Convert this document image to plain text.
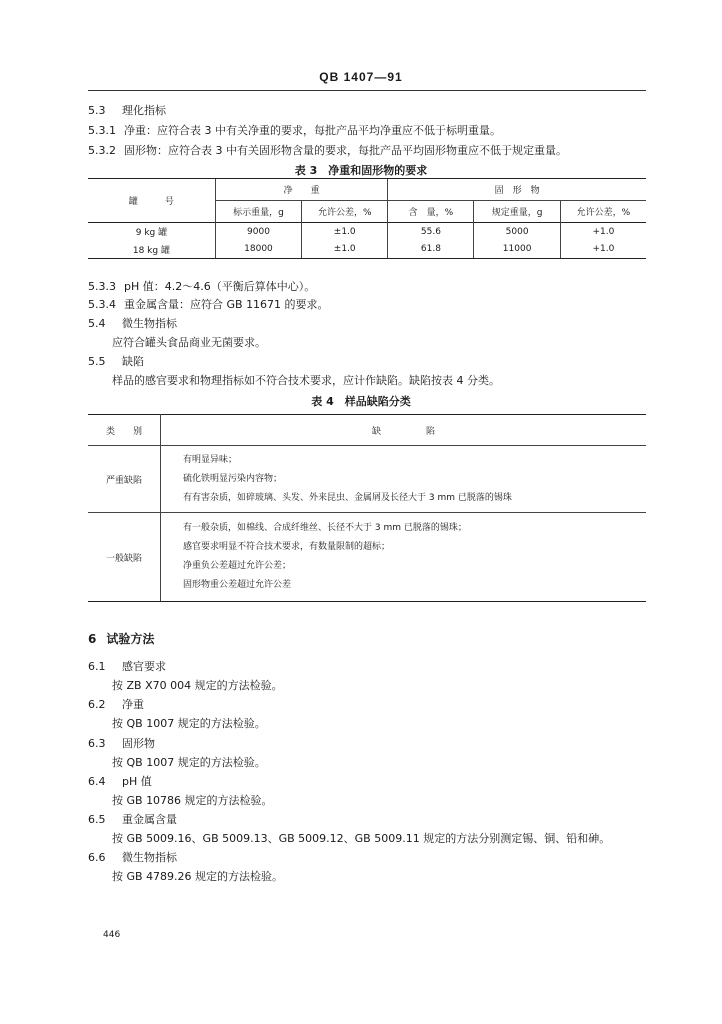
QB 1407—91
5.3 理化指标
5.3.1 净重：应符合表 3 中有关净重的要求，每批产品平均净重应不低于标明重量。
5.3.2 固形物：应符合表 3 中有关固形物含量的要求，每批产品平均固形物重应不低于规定重量。
表 3　净重和固形物的要求
罐　　　号	净　　重		固　形　物		
	标示重量，g	允许公差，%	含　量，%	规定重量，g	允许公差，%
9 kg 罐	9000	±1.0	55.6	5000	+1.0
18 kg 罐	18000	±1.0	61.8	11000	+1.0
5.3.3 pH 值：4.2～4.6（平衡后算体中心）。
5.3.4 重金属含量：应符合 GB 11671 的要求。
5.4 微生物指标
应符合罐头食品商业无菌要求。
5.5 缺陷
样品的感官要求和物理指标如不符合技术要求，应计作缺陷。缺陷按表 4 分类。
表 4　样品缺陷分类
类　　别	缺　　　　　陷
严重缺陷	有明显异味；
硫化铁明显污染内容物；
有有害杂质，如碎玻璃、头发、外来昆虫、金属屑及长径大于 3 mm 已脱落的锡珠

一般缺陷	有一般杂质，如棉线、合成纤维丝、长径不大于 3 mm 已脱落的锡珠；
感官要求明显不符合技术要求，有数量限制的超标；
净重负公差超过允许公差；
固形物重公差超过允许公差
6 试验方法
6.1 感官要求
按 ZB X70 004 规定的方法检验。
6.2 净重
按 QB 1007 规定的方法检验。
6.3 固形物
按 QB 1007 规定的方法检验。
6.4 pH 值
按 GB 10786 规定的方法检验。
6.5 重金属含量
按 GB 5009.16、GB 5009.13、GB 5009.12、GB 5009.11 规定的方法分别测定锡、铜、铅和砷。
6.6 微生物指标
按 GB 4789.26 规定的方法检验。
446
